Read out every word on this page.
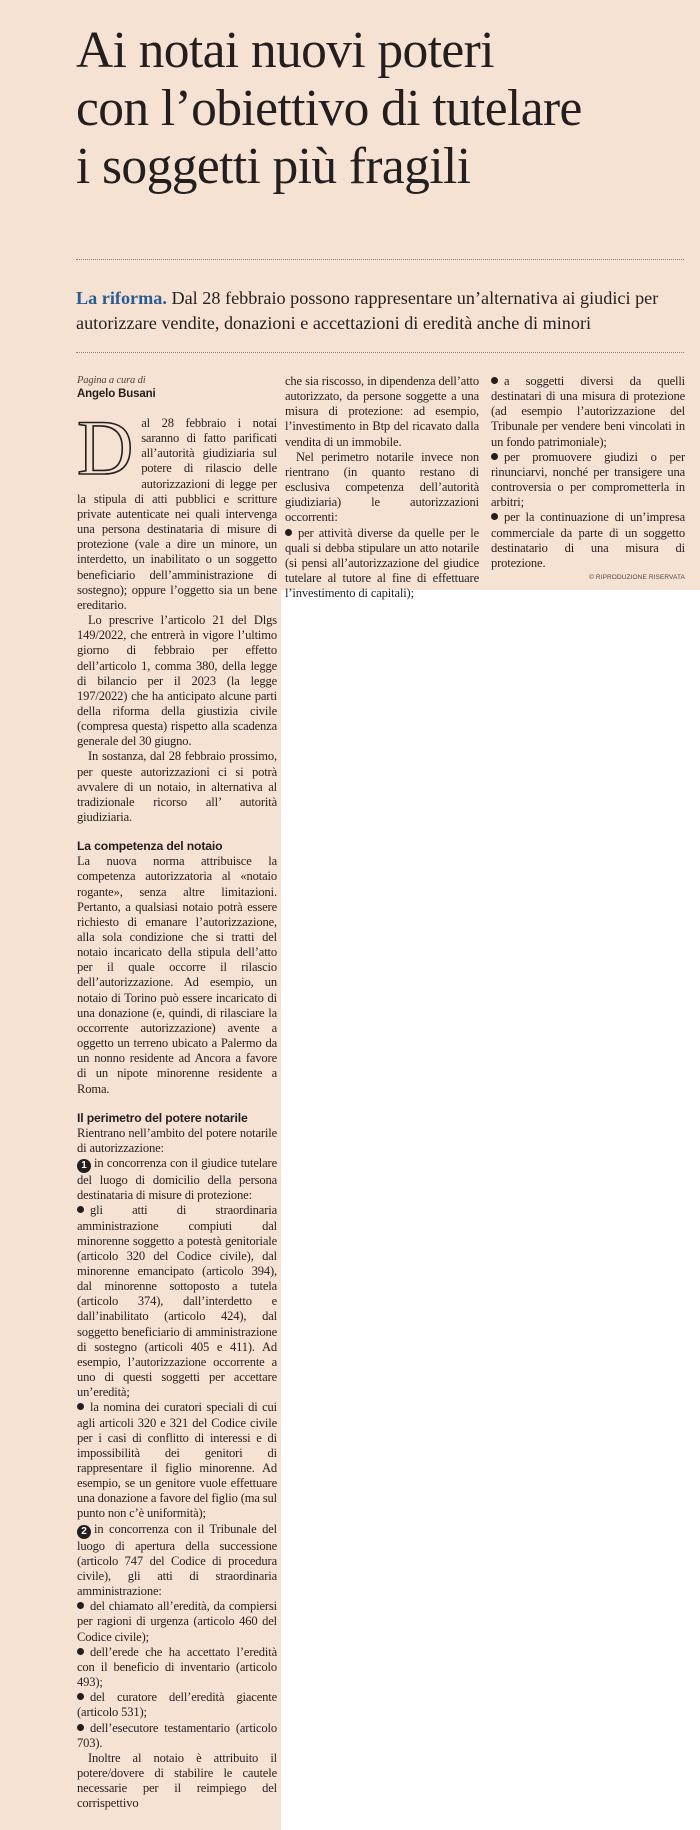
Ai notai nuovi poteri
con l’obiettivo di tutelare
i soggetti più fragili
La riforma. Dal 28 febbraio possono rappresentare un’alternativa ai giudici per autorizzare vendite, donazioni e accettazioni di eredità anche di minori
Pagina a cura di
Angelo Busani

Dal 28 febbraio i notai saranno di fatto parificati all’autorità giudiziaria sul potere di rilascio delle autorizzazioni di legge per la stipula di atti pubblici e scritture private autenticate nei quali intervenga una persona destinataria di misure di protezione (vale a dire un minore, un interdetto, un inabilitato o un soggetto beneficiario dell’amministrazione di sostegno); oppure l’oggetto sia un bene ereditario.

Lo prescrive l’articolo 21 del Dlgs 149/2022, che entrerà in vigore l’ultimo giorno di febbraio per effetto dell’articolo 1, comma 380, della legge di bilancio per il 2023 (la legge 197/2022) che ha anticipato alcune parti della riforma della giustizia civile (compresa questa) rispetto alla scadenza generale del 30 giugno.

In sostanza, dal 28 febbraio prossimo, per queste autorizzazioni ci si potrà avvalere di un notaio, in alternativa al tradizionale ricorso all’ autorità giudiziaria.

La competenza del notaio

La nuova norma attribuisce la competenza autorizzatoria al «notaio rogante», senza altre limitazioni. Pertanto, a qualsiasi notaio potrà essere richiesto di emanare l’autorizzazione, alla sola condizione che si tratti del notaio incaricato della stipula dell’atto per il quale occorre il rilascio dell’autorizzazione. Ad esempio, un notaio di Torino può essere incaricato di una donazione (e, quindi, di rilasciare la occorrente autorizzazione) avente a oggetto un terreno ubicato a Palermo da un nonno residente ad Ancora a favore di un nipote minorenne residente a Roma.

Il perimetro del potere notarile

Rientrano nell’ambito del potere notarile di autorizzazione:

1 in concorrenza con il giudice tutelare del luogo di domicilio della persona destinataria di misure di protezione:

gli atti di straordinaria amministrazione compiuti dal minorenne soggetto a potestà genitoriale (articolo 320 del Codice civile), dal minorenne emancipato (articolo 394), dal minorenne sottoposto a tutela (articolo 374), dall’interdetto e dall’inabilitato (articolo 424), dal soggetto beneficiario di amministrazione di sostegno (articoli 405 e 411). Ad esempio, l’autorizzazione occorrente a uno di questi soggetti per accettare un’eredità;

la nomina dei curatori speciali di cui agli articoli 320 e 321 del Codice civile per i casi di conflitto di interessi e di impossibilità dei genitori di rappresentare il figlio minorenne. Ad esempio, se un genitore vuole effettuare una donazione a favore del figlio (ma sul punto non c’è uniformità);

2 in concorrenza con il Tribunale del luogo di apertura della successione (articolo 747 del Codice di procedura civile), gli atti di straordinaria amministrazione:

del chiamato all’eredità, da compiersi per ragioni di urgenza (articolo 460 del Codice civile);

dell’erede che ha accettato l’eredità con il beneficio di inventario (articolo 493);

del curatore dell’eredità giacente (articolo 531);

dell’esecutore testamentario (articolo 703).

Inoltre al notaio è attribuito il potere/dovere di stabilire le cautele necessarie per il reimpiego del corrispettivo

che sia riscosso, in dipendenza dell’atto autorizzato, da persone soggette a una misura di protezione: ad esempio, l’investimento in Btp del ricavato dalla vendita di un immobile.

Nel perimetro notarile invece non rientrano (in quanto restano di esclusiva competenza dell’autorità giudiziaria) le autorizzazioni occorrenti:

per attività diverse da quelle per le quali si debba stipulare un atto notarile (si pensi all’autorizzazione del giudice tutelare al tutore al fine di effettuare l’investimento di capitali);

a soggetti diversi da quelli destinatari di una misura di protezione (ad esempio l’autorizzazione del Tribunale per vendere beni vincolati in un fondo patrimoniale);

per promuovere giudizi o per rinunciarvi, nonché per transigere una controversia o per comprometterla in arbitri;

per la continuazione di un’impresa commerciale da parte di un soggetto destinatario di una misura di protezione.

© RIPRODUZIONE RISERVATA
